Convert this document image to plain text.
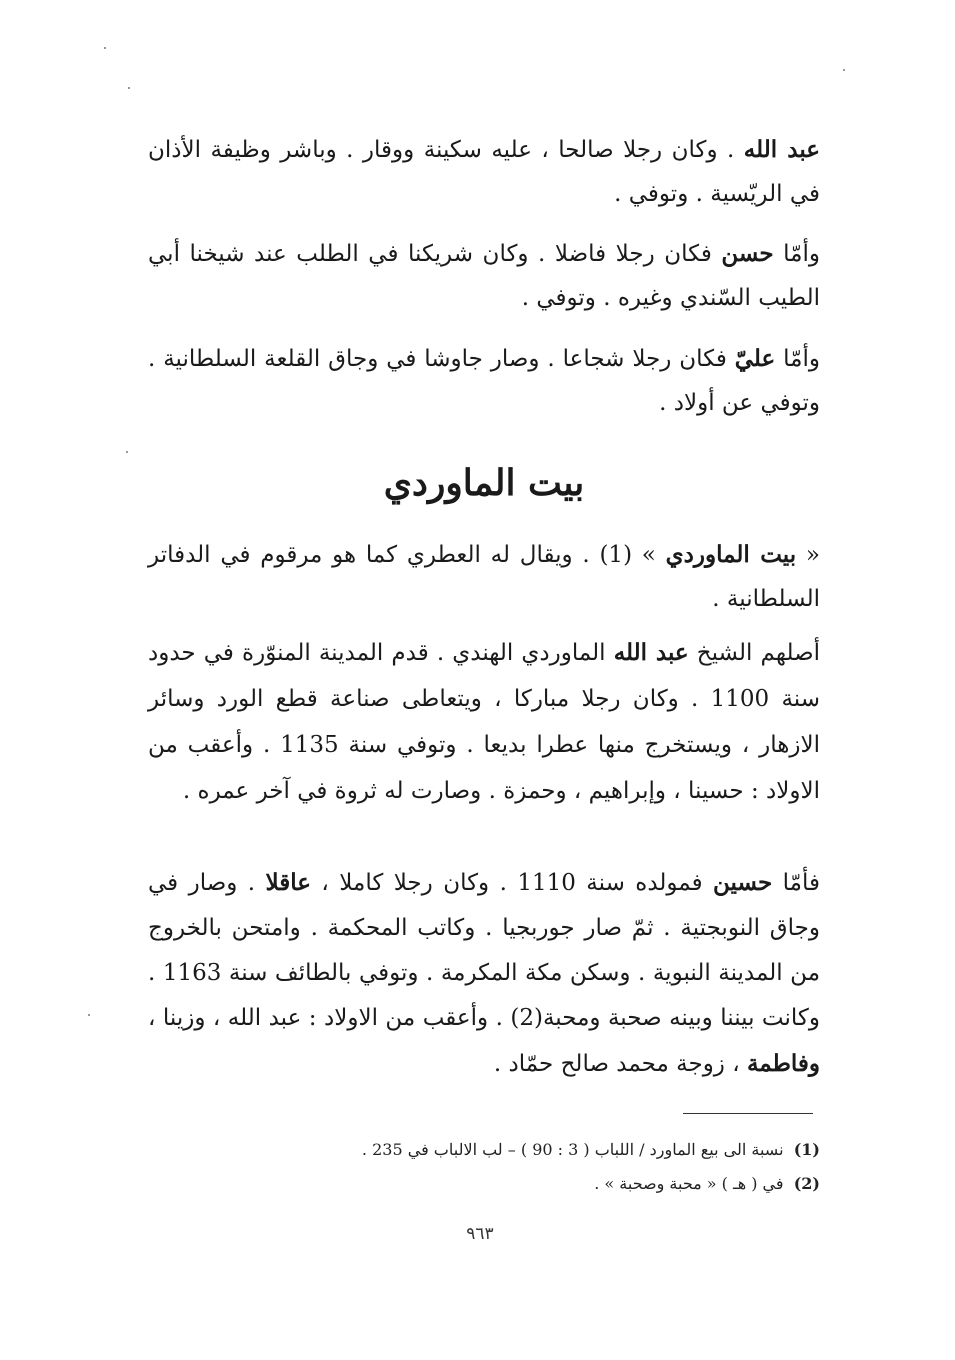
عبد الله . وكان رجلا صالحا ، عليه سكينة ووقار . وباشر وظيفة الأذان في الريّسية . وتوفي .
وأمّا حسن فكان رجلا فاضلا . وكان شريكنا في الطلب عند شيخنا أبي الطيب السّندي وغيره . وتوفي .
وأمّا عليّ فكان رجلا شجاعا . وصار جاوشا في وجاق القلعة السلطانية . وتوفي عن أولاد .
بيت الماوردي
« بيت الماوردي » (1) . ويقال له العطري كما هو مرقوم في الدفاتر السلطانية .
أصلهم الشيخ عبد الله الماوردي الهندي . قدم المدينة المنوّرة في حدود سنة 1100 . وكان رجلا مباركا ، ويتعاطى صناعة قطع الورد وسائر الازهار ، ويستخرج منها عطرا بديعا . وتوفي سنة 1135 . وأعقب من الاولاد : حسينا ، وإبراهيم ، وحمزة . وصارت له ثروة في آخر عمره .
فأمّا حسين فمولده سنة 1110 . وكان رجلا كاملا ، عاقلا . وصار في وجاق النوبجتية . ثمّ صار جوربجيا . وكاتب المحكمة . وامتحن بالخروج من المدينة النبوية . وسكن مكة المكرمة . وتوفي بالطائف سنة 1163 . وكانت بيننا وبينه صحبة ومحبة(2) . وأعقب من الاولاد : عبد الله ، وزينا ، وفاطمة ، زوجة محمد صالح حمّاد .
(1)  نسبة الى بيع الماورد / اللباب ( 3 : 90 ) – لب الالباب في 235 .
(2)  في ( هـ ) « محبة وصحبة » .
٩٦٣
